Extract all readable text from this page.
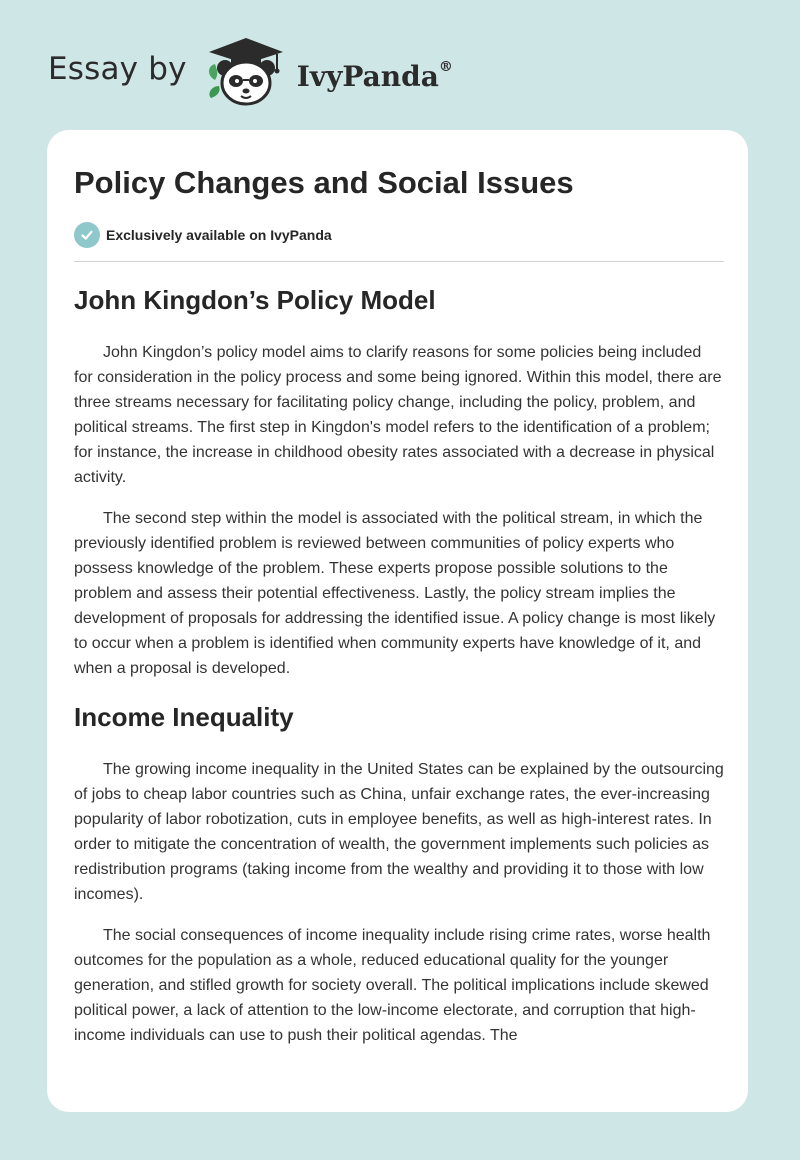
Essay by	IvyPanda®
Policy Changes and Social Issues
Exclusively available on IvyPanda
John Kingdon’s Policy Model

John Kingdon’s policy model aims to clarify reasons for some policies being included for consideration in the policy process and some being ignored. Within this model, there are three streams necessary for facilitating policy change, including the policy, problem, and political streams. The first step in Kingdon's model refers to the identification of a problem; for instance, the increase in childhood obesity rates associated with a decrease in physical activity.

The second step within the model is associated with the political stream, in which the previously identified problem is reviewed between communities of policy experts who possess knowledge of the problem. These experts propose possible solutions to the problem and assess their potential effectiveness. Lastly, the policy stream implies the development of proposals for addressing the identified issue. A policy change is most likely to occur when a problem is identified when community experts have knowledge of it, and when a proposal is developed.

Income Inequality

The growing income inequality in the United States can be explained by the outsourcing of jobs to cheap labor countries such as China, unfair exchange rates, the ever-increasing popularity of labor robotization, cuts in employee benefits, as well as high-interest rates. In order to mitigate the concentration of wealth, the government implements such policies as redistribution programs (taking income from the wealthy and providing it to those with low incomes).

The social consequences of income inequality include rising crime rates, worse health outcomes for the population as a whole, reduced educational quality for the younger generation, and stifled growth for society overall. The political implications include skewed political power, a lack of attention to the low-income electorate, and corruption that high-income individuals can use to push their political agendas. The
